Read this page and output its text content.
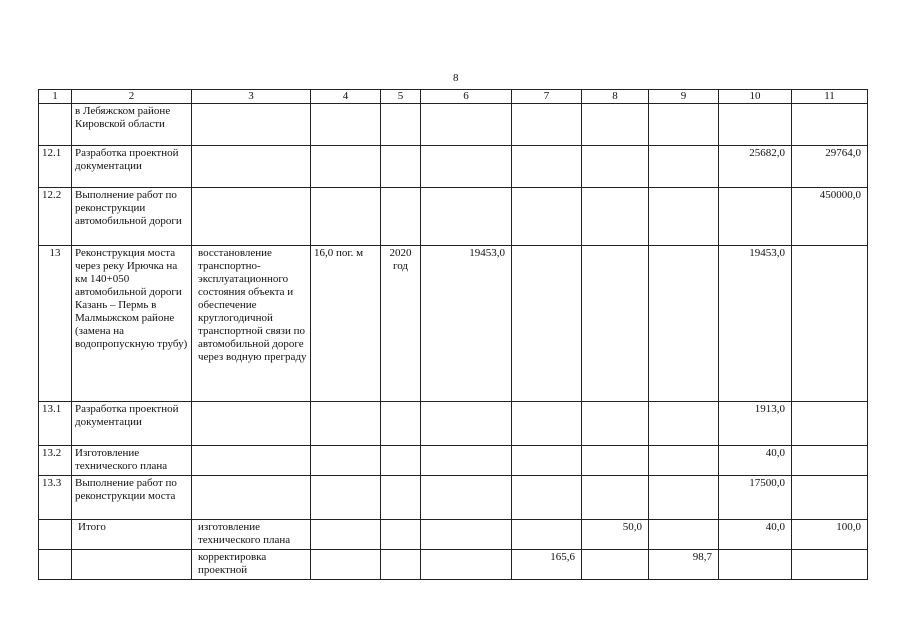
8
1	2	3	4	5	6	7	8	9	10	11
	в Лебяжском районе Кировской области									
12.1	Разработка проектной документации								25682,0	29764,0
12.2	Выполнение работ по реконструкции автомобильной дороги									450000,0
13	Реконструкция моста через реку Ирючка на км 140+050 автомобильной дороги Казань – Пермь в Малмыжском районе (замена на водопропускную трубу)	восстановление транспортно-эксплуатационного состояния объекта и обеспечение круглогодичной транспортной связи по автомобильной дороге через водную преграду	16,0 пог. м	2020 год	19453,0				19453,0	
13.1	Разработка проектной документации								1913,0	
13.2	Изготовление технического плана								40,0	
13.3	Выполнение работ по реконструкции моста								17500,0	
	Итого	изготовление технического плана					50,0		40,0	100,0
		корректировка проектной				165,6		98,7		
